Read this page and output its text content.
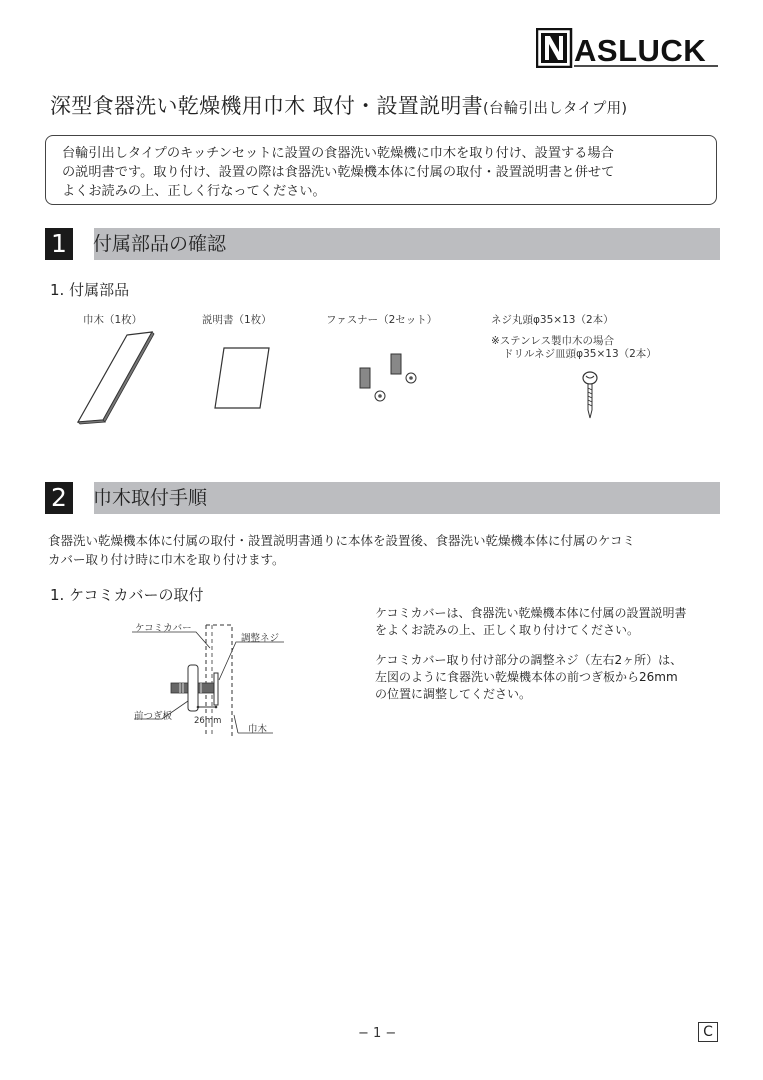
ASLUCK
深型食器洗い乾燥機用巾木 取付・設置説明書(台輪引出しタイプ用)
台輪引出しタイプのキッチンセットに設置の食器洗い乾燥機に巾木を取り付け、設置する場合
の説明書です。取り付け、設置の際は食器洗い乾燥機本体に付属の取付・設置説明書と併せて
よくお読みの上、正しく行なってください。
1	付属部品の確認
1. 付属部品
巾木（1枚）	説明書（1枚）	ファスナー（2セット）	ネジ丸頭φ35×13（2本）
※ステンレス製巾木の場合
ドリルネジ皿頭φ35×13（2本）
2	巾木取付手順
食器洗い乾燥機本体に付属の取付・設置説明書通りに本体を設置後、食器洗い乾燥機本体に付属のケコミ
カバー取り付け時に巾木を取り付けます。
1. ケコミカバーの取付
ケコミカバー
調整ネジ
前つぎ板	26mm
巾木
ケコミカバーは、食器洗い乾燥機本体に付属の設置説明書
をよくお読みの上、正しく取り付けてください。
ケコミカバー取り付け部分の調整ネジ（左右2ヶ所）は、
左図のように食器洗い乾燥機本体の前つぎ板から26mm
の位置に調整してください。
− 1 −	C
